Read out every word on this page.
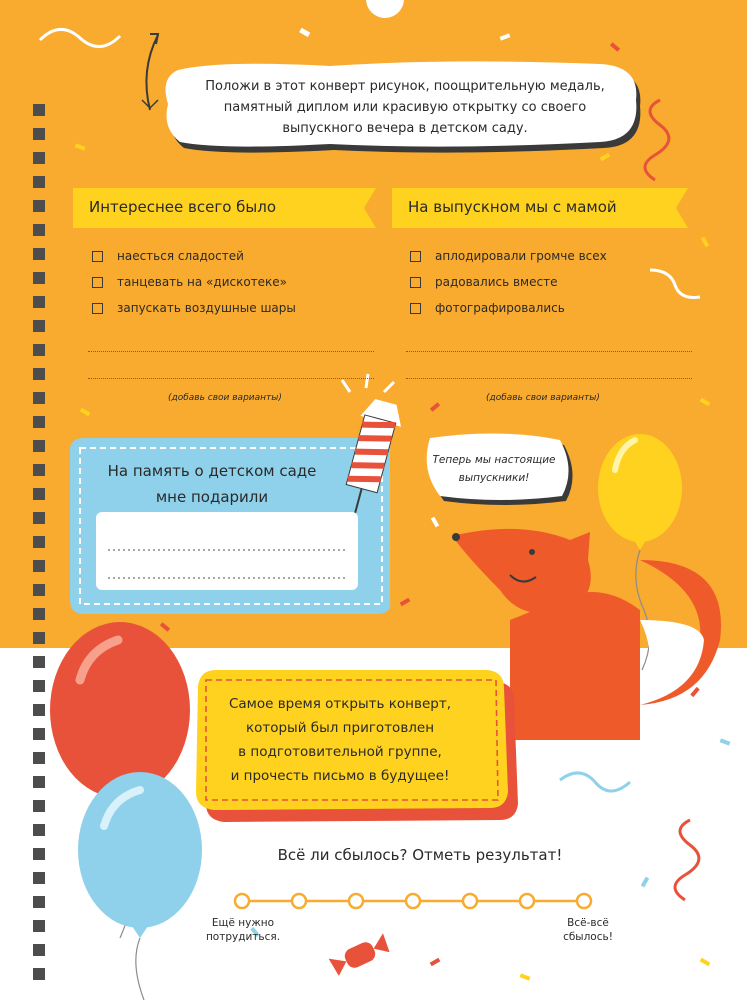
Положи в этот конверт рисунок, поощрительную медаль,
памятный диплом или красивую открытку со своего
выпускного вечера в детском саду.
Интереснее всего было	На выпускном мы с мамой
наесться сладостей
танцевать на «дискотеке»
запускать воздушные шары
аплодировали громче всех
радовались вместе
фотографировались
(добавь свои варианты)	(добавь свои варианты)
На память о детском саде
мне подарили
Теперь мы настоящие
выпускники!
Самое время открыть конверт,
который был приготовлен
в подготовительной группе,
и прочесть письмо в будущее!
Всё ли сбылось? Отметь результат!
Ещё нужно
потрудиться.
Всё-всё
сбылось!
